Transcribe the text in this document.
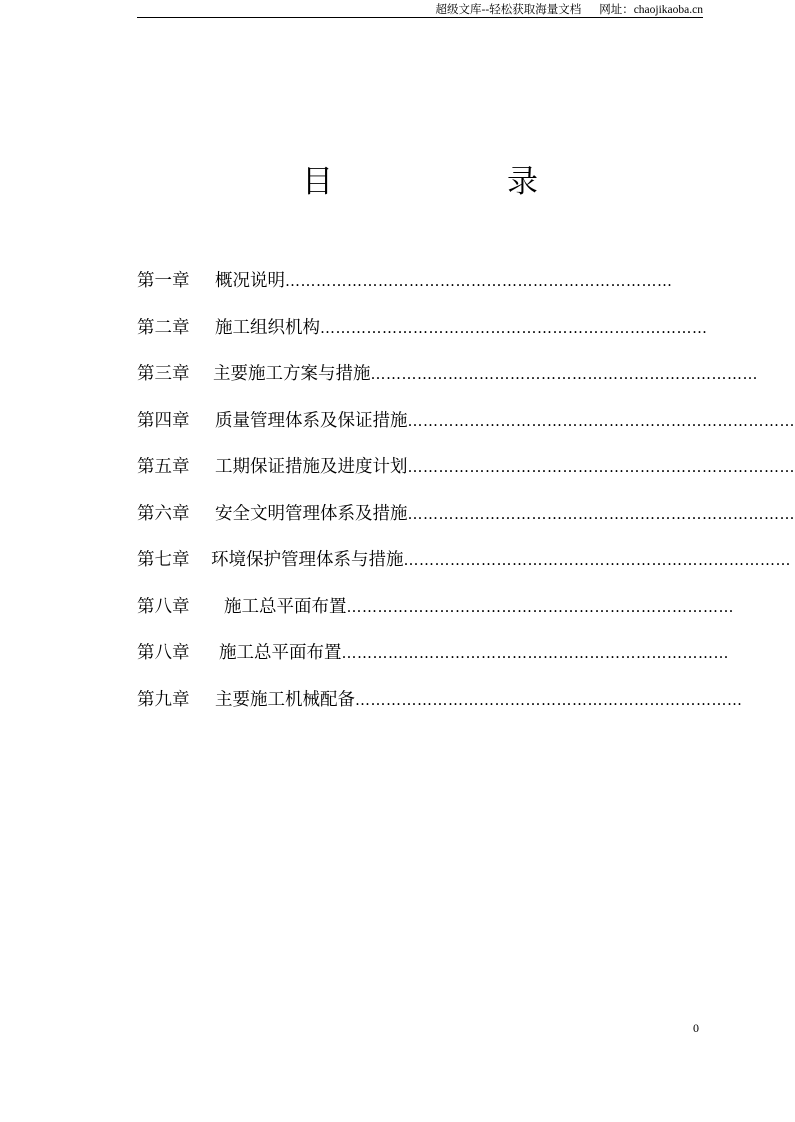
超级文库--轻松获取海量文档 网址：chaojikaoba.cn
目	录
第一章	概况说明 …………………………………………………………………
第二章	施工组织机构 …………………………………………………………………
第三章	主要施工方案与措施 …………………………………………………………………
第四章	质量管理体系及保证措施 …………………………………………………………………
第五章	工期保证措施及进度计划 …………………………………………………………………
第六章	安全文明管理体系及措施 …………………………………………………………………
第七章	环境保护管理体系与措施 …………………………………………………………………
第八章	施工总平面布置 …………………………………………………………………
第八章	施工总平面布置 …………………………………………………………………
第九章	主要施工机械配备 …………………………………………………………………
0
